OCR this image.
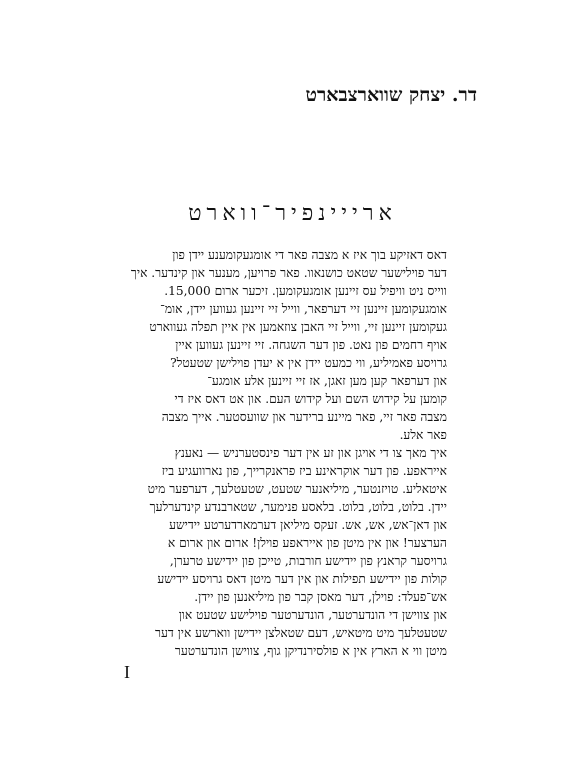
דר. יצחק שווארצבארט
ארייינפיר־ווארט

דאס דאזיקע בוך איז א מצבה פאר די אומגעקומענע יידן פון
דער פוילישער שטאט כושנאוו. פאר פרויען, מענער און קינדער. איך
ווייס ניט וויפיל עס זיינען אומגעקומען. זיכער ארום 15,000.
אומגעקומען זיינען זיי דערפאר, ווייל זיי זיינען געווען יידן, אומ־
געקומען זיינען זיי, ווייל זיי האבן צוזאמען אין איין תפלה געווארט
אויף רחמים פון נאט. פון דער השגחה. זיי זיינען געווען איין
גרויסע פאמיליע, ווי כמעט יידן אין א יעדן פוילישן שטעטל?
און דערפאר קען מען זאגן, אז זיי זיינען אלע אומגע־
קומען על קידוש השם ועל קידוש העם. און אט דאס איז די
מצבה פאר זיי, פאר מיינע ברידער און שוועסטער. אייך מצבה
פאר אלע.

איך מאך צו די אויגן און זע אין דער פינסטערניש — נאענץ
אייראפע. פון דער אוקראינע ביז פראנקרייך, פון נארוועגיע ביז
איטאליע. טויזנטער, מיליאנער שטעט, שטעטלעך, דערפער מיט
יידן. בלוט, בלוט, בלוט. בלאסע פנימער, שטארבנדע קינדערלעך
און דאן־אש, אש, אש. זעקס מיליאן דערמארדערטע יידישע
הערצער! און אין מיטן פון אייראפע פוילן! ארום און ארום א
גרויסער קראנץ פון יידישע חורבות, טייכן פון יידישע טרערן,
קולות פון יידישע תפילות און אין דער מיטן דאס גרויסע יידישע
אש־פעלד: פוילן, דער מאסן קבר פון מיליאנען פון יידן.

און צווישן די הונדערטער, הונדערטער פוילישע שטעט און
שטעטלעך מיט מיטאיש, דעם שטאלצן יידישן ווארשע אין דער
מיטן ווי א הארץ אין א פולסירנדיקן גוף, צווישן הונדערטער

I
